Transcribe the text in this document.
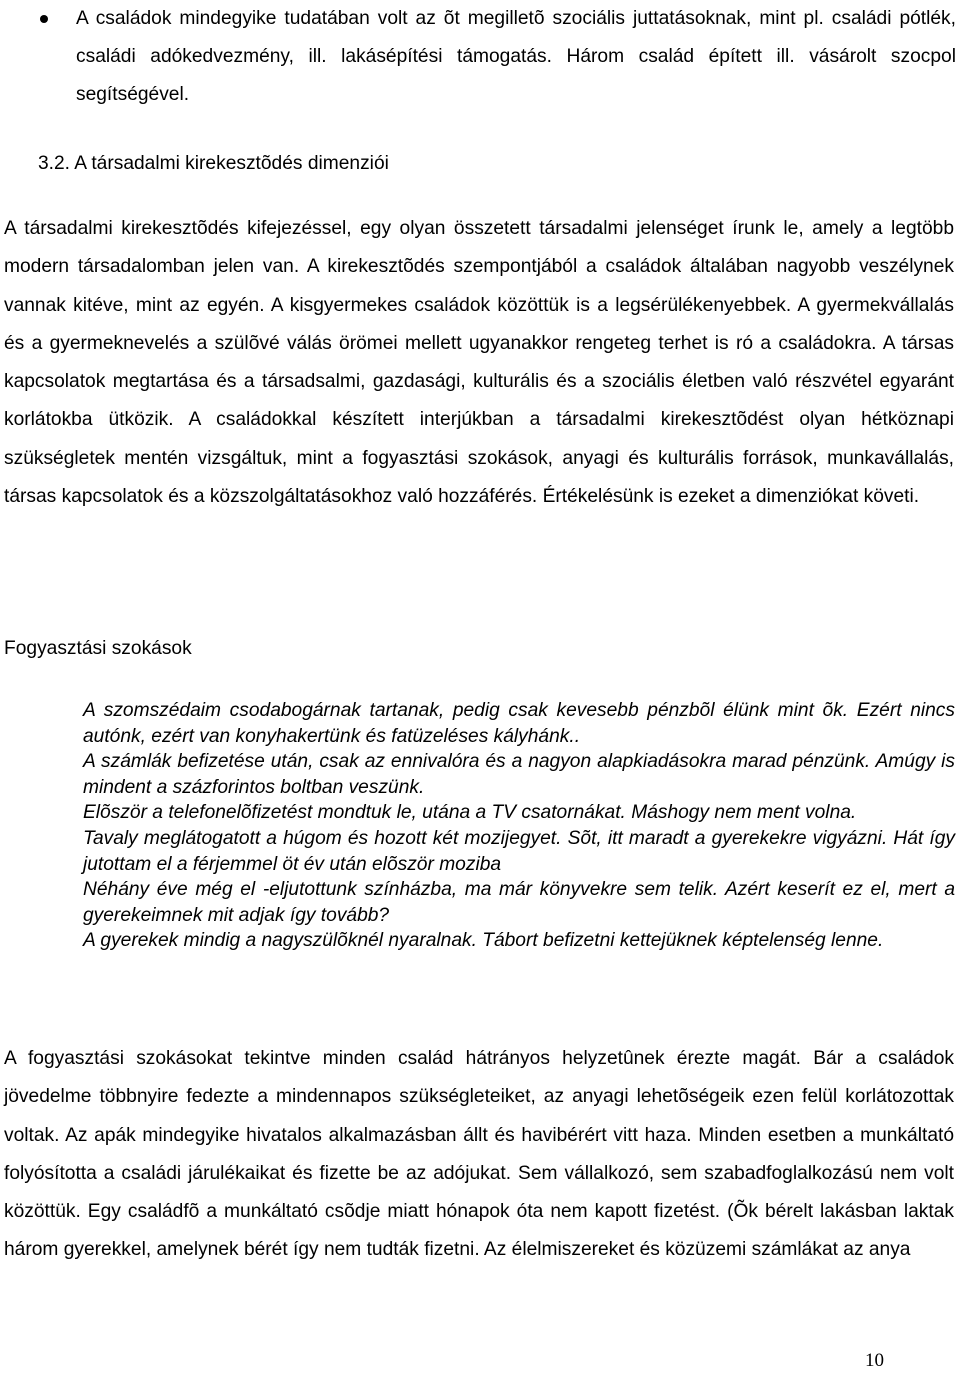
A családok mindegyike tudatában volt az õt megilletõ szociális juttatásoknak, mint pl. családi pótlék, családi adókedvezmény, ill. lakásépítési támogatás. Három család épített ill. vásárolt szocpol segítségével.
3.2. A társadalmi kirekesztõdés dimenziói
A társadalmi kirekesztõdés kifejezéssel, egy olyan összetett társadalmi jelenséget írunk le, amely a legtöbb modern társadalomban jelen van. A kirekesztõdés szempontjából a családok általában nagyobb veszélynek vannak kitéve, mint az egyén. A kisgyermekes családok közöttük is a legsérülékenyebbek. A gyermekvállalás és a gyermeknevelés a szülõvé válás örömei mellett ugyanakkor rengeteg terhet is ró a családokra. A társas kapcsolatok megtartása és a társadsalmi, gazdasági, kulturális és a szociális életben való részvétel egyaránt korlátokba ütközik. A családokkal készített interjúkban a társadalmi kirekesztõdést olyan hétköznapi szükségletek mentén vizsgáltuk, mint a fogyasztási szokások, anyagi és kulturális források, munkavállalás, társas kapcsolatok és a közszolgáltatásokhoz való hozzáférés. Értékelésünk is ezeket a dimenziókat követi.
Fogyasztási szokások

A szomszédaim csodabogárnak tartanak, pedig csak kevesebb pénzbõl élünk mint õk. Ezért nincs autónk, ezért van konyhakertünk és fatüzeléses kályhánk..

A számlák befizetése után, csak az ennivalóra és a nagyon alapkiadásokra marad pénzünk. Amúgy is mindent a százforintos boltban veszünk.

Elõször a telefonelõfizetést mondtuk le, utána a TV csatornákat. Máshogy nem ment volna.

Tavaly meglátogatott a húgom és hozott két mozijegyet. Sõt, itt maradt a gyerekekre vigyázni. Hát így jutottam el a férjemmel öt év után elõször moziba

Néhány éve még el -eljutottunk színházba, ma már könyvekre sem telik. Azért keserít ez el, mert a gyerekeimnek mit adjak így tovább?

A gyerekek mindig a nagyszülõknél nyaralnak. Tábort befizetni kettejüknek képtelenség lenne.

A fogyasztási szokásokat tekintve minden család hátrányos helyzetûnek érezte magát. Bár a családok jövedelme többnyire fedezte a mindennapos szükségleteiket, az anyagi lehetõségeik ezen felül korlátozottak voltak. Az apák mindegyike hivatalos alkalmazásban állt és havibérért vitt haza. Minden esetben a munkáltató folyósította a családi járulékaikat és fizette be az adójukat. Sem vállalkozó, sem szabadfoglalkozású nem volt közöttük. Egy családfõ a munkáltató csõdje miatt hónapok óta nem kapott fizetést. (Õk bérelt lakásban laktak három gyerekkel, amelynek bérét így nem tudták fizetni. Az élelmiszereket és közüzemi számlákat az anya
10
